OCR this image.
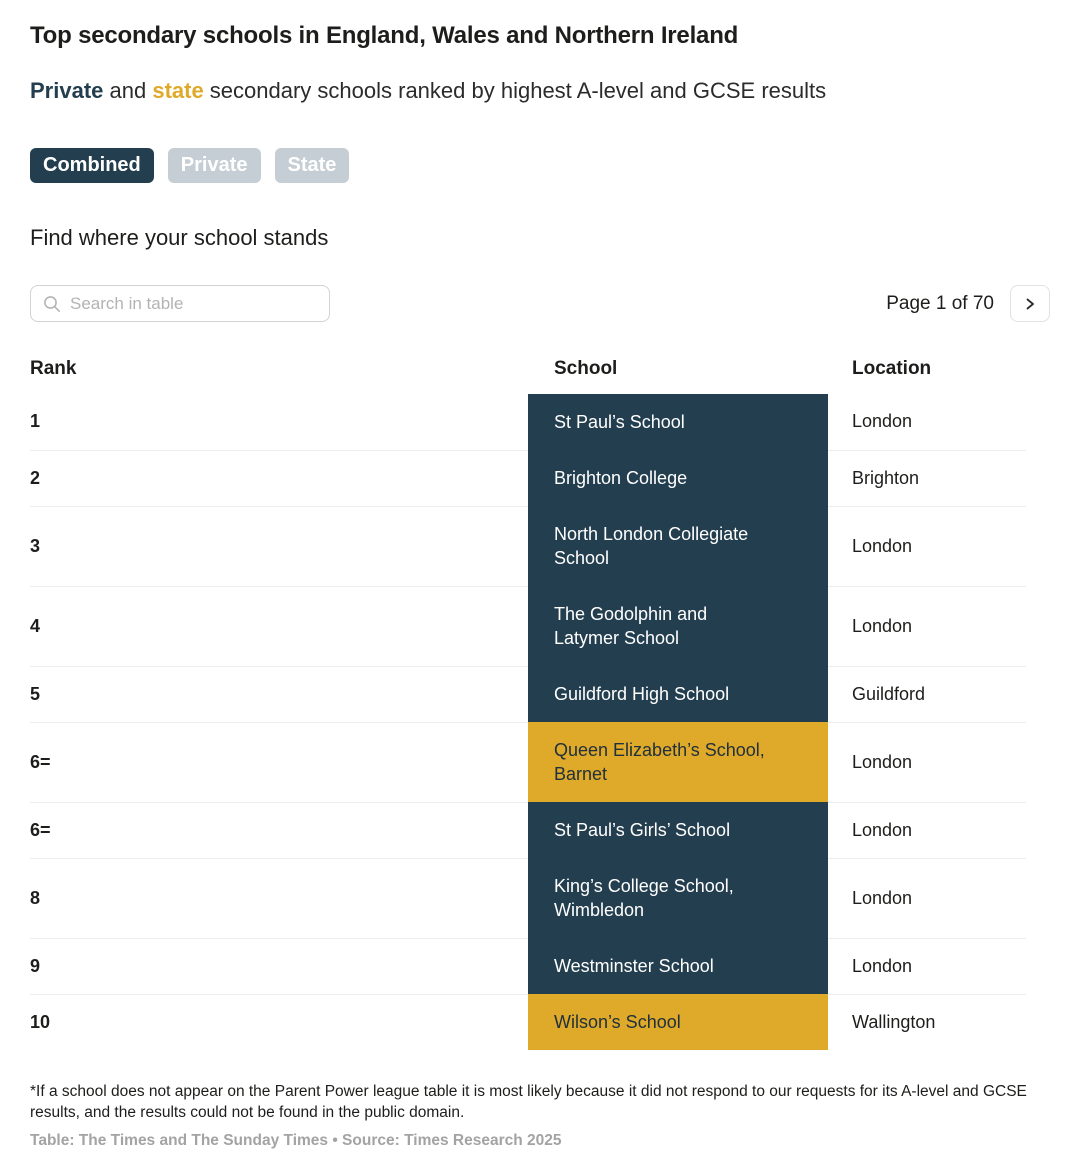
Top secondary schools in England, Wales and Northern Ireland

Private and state secondary schools ranked by highest A-level and GCSE results

Combined	Private	State

Find where your school stands

Search in table
Page 1 of 70
Rank	School	Location
1	St Paul’s School	London
2	Brighton College	Brighton
3	North London Collegiate School	London
4	The Godolphin and Latymer School	London
5	Guildford High School	Guildford
6=	Queen Elizabeth’s School, Barnet	London
6=	St Paul’s Girls’ School	London
8	King’s College School, Wimbledon	London
9	Westminster School	London
10	Wilson’s School	Wallington

*If a school does not appear on the Parent Power league table it is most likely because it did not respond to our requests for its A-level and GCSE results, and the results could not be found in the public domain.

Table: The Times and The Sunday Times • Source: Times Research 2025
